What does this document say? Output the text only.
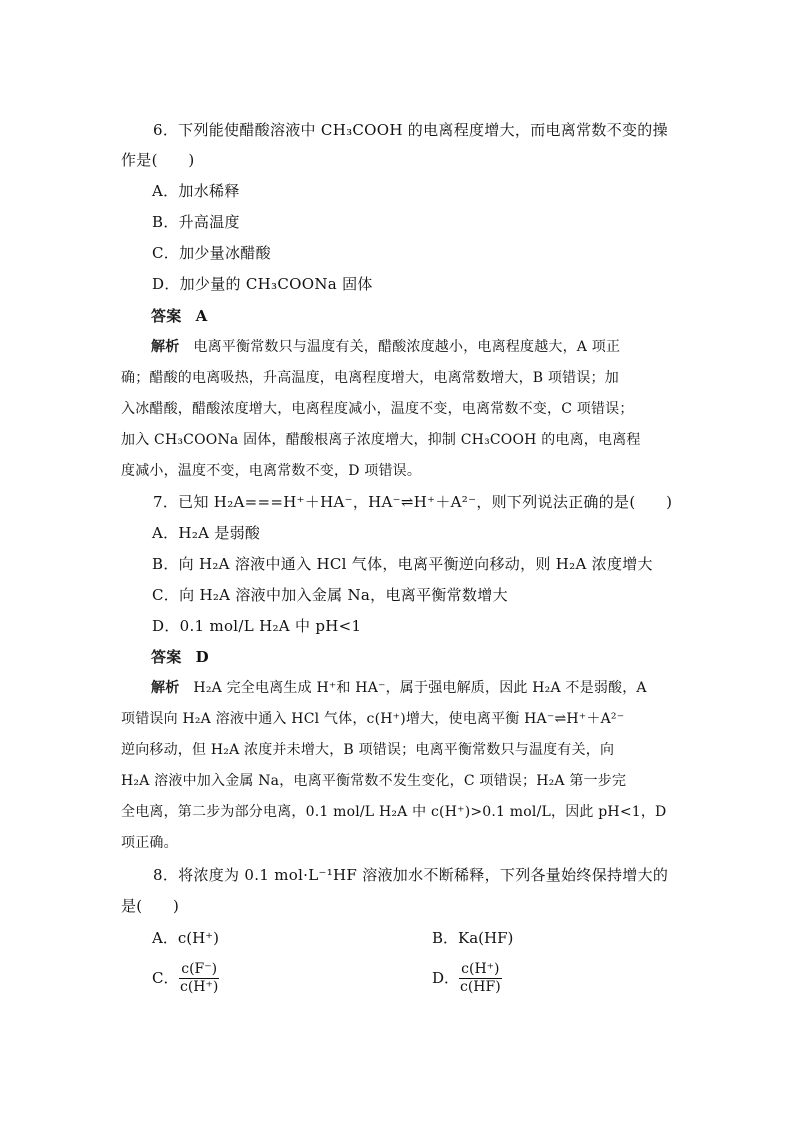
6．下列能使醋酸溶液中 CH₃COOH 的电离程度增大，而电离常数不变的操
作是(　　)
A．加水稀释
B．升高温度
C．加少量冰醋酸
D．加少量的 CH₃COONa 固体
答案 A
解析 电离平衡常数只与温度有关，醋酸浓度越小，电离程度越大，A 项正
确；醋酸的电离吸热，升高温度，电离程度增大，电离常数增大，B 项错误；加
入冰醋酸，醋酸浓度增大，电离程度减小，温度不变，电离常数不变，C 项错误；
加入 CH₃COONa 固体，醋酸根离子浓度增大，抑制 CH₃COOH 的电离，电离程
度减小，温度不变，电离常数不变，D 项错误。
7．已知 H₂A===H⁺＋HA⁻，HA⁻⇌H⁺＋A²⁻，则下列说法正确的是(　　)
A．H₂A 是弱酸
B．向 H₂A 溶液中通入 HCl 气体，电离平衡逆向移动，则 H₂A 浓度增大
C．向 H₂A 溶液中加入金属 Na，电离平衡常数增大
D．0.1 mol/L H₂A 中 pH<1
答案 D
解析 H₂A 完全电离生成 H⁺和 HA⁻，属于强电解质，因此 H₂A 不是弱酸，A
项错误向 H₂A 溶液中通入 HCl 气体，c(H⁺)增大，使电离平衡 HA⁻⇌H⁺＋A²⁻
逆向移动，但 H₂A 浓度并未增大，B 项错误；电离平衡常数只与温度有关，向
H₂A 溶液中加入金属 Na，电离平衡常数不发生变化，C 项错误；H₂A 第一步完
全电离，第二步为部分电离，0.1 mol/L H₂A 中 c(H⁺)>0.1 mol/L，因此 pH<1，D
项正确。
8．将浓度为 0.1 mol·L⁻¹HF 溶液加水不断稀释，下列各量始终保持增大的
是(　　)
A．c(H⁺)	B．Ka(HF)
C． $\frac{c(F^-)}{c(H^+)}$	D．
$\frac{c(H^+)}{c(HF)}$
